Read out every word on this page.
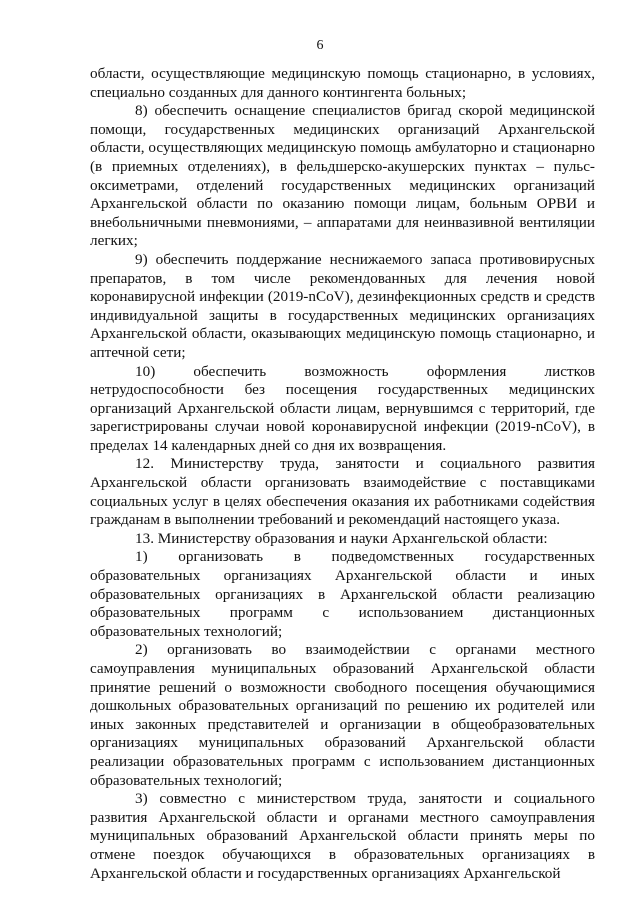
6

области, осуществляющие медицинскую помощь стационарно, в условиях, специально созданных для данного контингента больных;

8) обеспечить оснащение специалистов бригад скорой медицинской помощи, государственных медицинских организаций Архангельской области, осуществляющих медицинскую помощь амбулаторно и стационарно (в приемных отделениях), в фельдшерско-акушерских пунктах – пульс-оксиметрами, отделений государственных медицинских организаций Архангельской области по оказанию помощи лицам, больным ОРВИ и внебольничными пневмониями, – аппаратами для неинвазивной вентиляции легких;

9) обеспечить поддержание неснижаемого запаса противовирусных препаратов, в том числе рекомендованных для лечения новой коронавирусной инфекции (2019-nCoV), дезинфекционных средств и средств индивидуальной защиты в государственных медицинских организациях Архангельской области, оказывающих медицинскую помощь стационарно, и аптечной сети;

10) обеспечить возможность оформления листков нетрудоспособности без посещения государственных медицинских организаций Архангельской области лицам, вернувшимся с территорий, где зарегистрированы случаи новой коронавирусной инфекции (2019-nCoV), в пределах 14 календарных дней со дня их возвращения.

12. Министерству труда, занятости и социального развития Архангельской области организовать взаимодействие с поставщиками социальных услуг в целях обеспечения оказания их работниками содействия гражданам в выполнении требований и рекомендаций настоящего указа.

13. Министерству образования и науки Архангельской области:

1) организовать в подведомственных государственных образовательных организациях Архангельской области и иных образовательных организациях в Архангельской области реализацию образовательных программ с использованием дистанционных образовательных технологий;

2) организовать во взаимодействии с органами местного самоуправления муниципальных образований Архангельской области принятие решений о возможности свободного посещения обучающимися дошкольных образовательных организаций по решению их родителей или иных законных представителей и организации в общеобразовательных организациях муниципальных образований Архангельской области реализации образовательных программ с использованием дистанционных образовательных технологий;

3) совместно с министерством труда, занятости и социального развития Архангельской области и органами местного самоуправления муниципальных образований Архангельской области принять меры по отмене поездок обучающихся в образовательных организациях в Архангельской области и государственных организациях Архангельской
